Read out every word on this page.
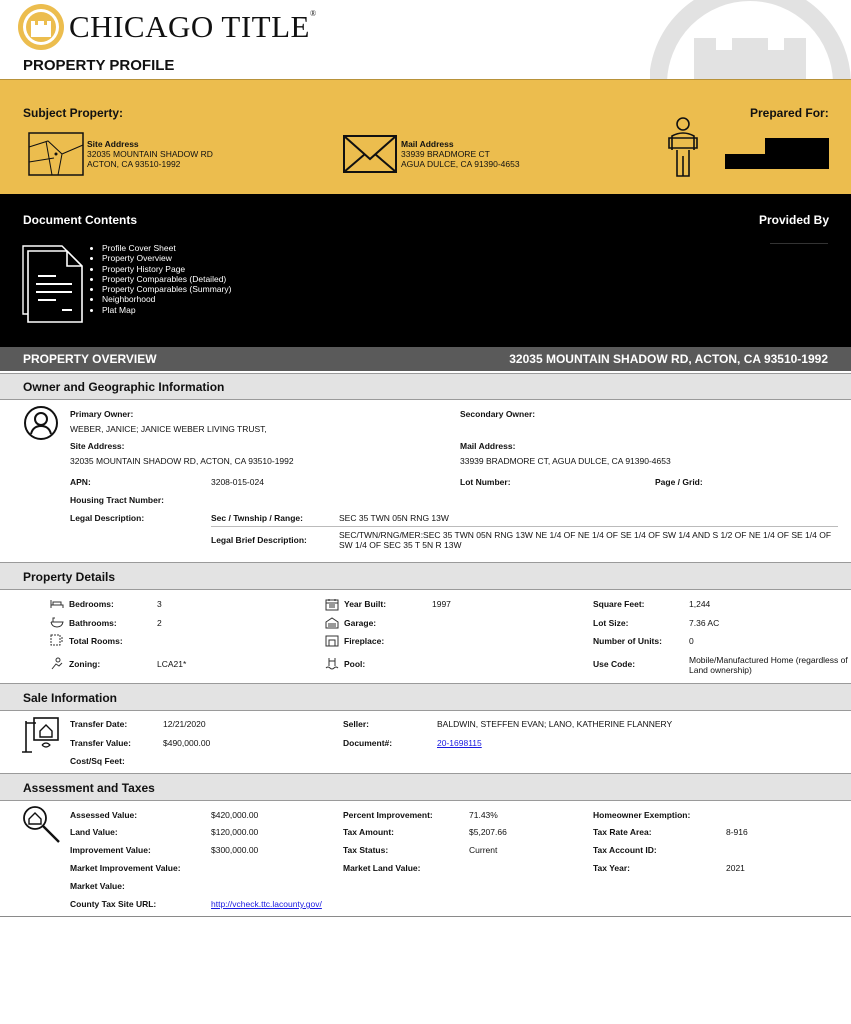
CHICAGO TITLE®
PROPERTY PROFILE
Subject Property:	Prepared For:
Site Address
32035 MOUNTAIN SHADOW RD
ACTON, CA 93510-1992
Mail Address
33939 BRADMORE CT
AGUA DULCE, CA 91390-4653
Document Contents	Provided By
• Profile Cover Sheet
• Property Overview
• Property History Page
• Property Comparables (Detailed)
• Property Comparables (Summary)
• Neighborhood
• Plat Map
PROPERTY OVERVIEW	32035 MOUNTAIN SHADOW RD, ACTON, CA 93510-1992
Owner and Geographic Information
Primary Owner:
WEBER, JANICE; JANICE WEBER LIVING TRUST,
Secondary Owner:
Site Address:
32035 MOUNTAIN SHADOW RD, ACTON, CA 93510-1992
Mail Address:
33939 BRADMORE CT, AGUA DULCE, CA 91390-4653
APN:	3208-015-024	Lot Number:	Page / Grid:
Housing Tract Number:
Legal Description:	Sec / Twnship / Range:	SEC 35 TWN 05N RNG 13W
Legal Brief Description:	SEC/TWN/RNG/MER:SEC 35 TWN 05N RNG 13W NE 1/4 OF NE 1/4 OF SE 1/4 OF SW 1/4 AND S 1/2 OF NE 1/4 OF SE 1/4 OF SW 1/4 OF SEC 35 T 5N R 13W
Property Details
Bedrooms:	3
Bathrooms:	2
Total Rooms:
Zoning:	LCA21*
Year Built:	1997
Garage:
Fireplace:
Pool:
Square Feet:	1,244
Lot Size:	7.36 AC
Number of Units:	0
Use Code:	Mobile/Manufactured Home (regardless of Land ownership)
Sale Information
Transfer Date:	12/21/2020
Transfer Value:	$490,000.00
Cost/Sq Feet:
Seller:	BALDWIN, STEFFEN EVAN; LANO, KATHERINE FLANNERY
Document#:	20-1698115
Assessment and Taxes
Assessed Value:	$420,000.00
Land Value:	$120,000.00
Improvement Value:	$300,000.00
Market Improvement Value:
Market Value:
County Tax Site URL:	http://vcheck.ttc.lacounty.gov/
Percent Improvement:	71.43%
Tax Amount:	$5,207.66
Tax Status:	Current
Market Land Value:
Homeowner Exemption:
Tax Rate Area:	8-916
Tax Account ID:
Tax Year:	2021
